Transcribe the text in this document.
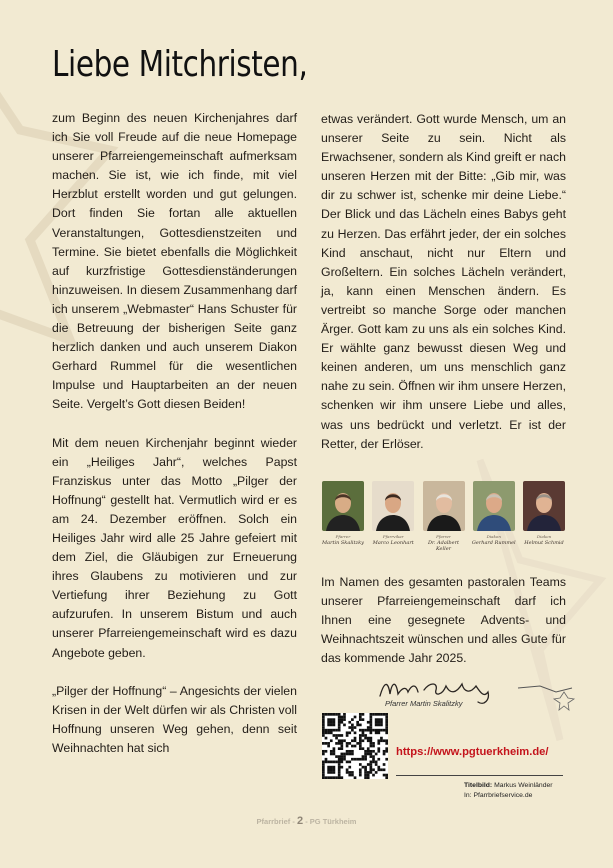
Liebe Mitchristen,

zum Beginn des neuen Kirchenjahres darf ich Sie voll Freude auf die neue Homepage unserer Pfarreiengemeinschaft aufmerksam machen. Sie ist, wie ich finde, mit viel Herzblut erstellt worden und gut gelungen. Dort finden Sie fortan alle aktuellen Veranstaltungen, Gottesdienstzeiten und Termine. Sie bietet ebenfalls die Möglichkeit auf kurzfristige Gottesdienständerungen hinzuweisen. In diesem Zusammenhang darf ich unserem „Webmaster“ Hans Schuster für die Betreuung der bisherigen Seite ganz herzlich danken und auch unserem Diakon Gerhard Rummel für die wesentlichen Impulse und Hauptarbeiten an der neuen Seite. Vergelt’s Gott diesen Beiden!

Mit dem neuen Kirchenjahr beginnt wieder ein „Heiliges Jahr“, welches Papst Franziskus unter das Motto „Pilger der Hoffnung“ gestellt hat. Vermutlich wird er es am 24. Dezember eröffnen. Solch ein Heiliges Jahr wird alle 25 Jahre gefeiert mit dem Ziel, die Gläubigen zur Erneuerung ihres Glaubens zu motivieren und zur Vertiefung ihrer Beziehung zu Gott aufzurufen. In unserem Bistum und auch unserer Pfarreiengemeinschaft wird es dazu Angebote geben.

„Pilger der Hoffnung“ – Angesichts der vielen Krisen in der Welt dürfen wir als Christen voll Hoffnung unseren Weg gehen, denn seit Weihnachten hat sich

etwas verändert. Gott wurde Mensch, um an unserer Seite zu sein. Nicht als Erwachsener, sondern als Kind greift er nach unseren Herzen mit der Bitte: „Gib mir, was dir zu schwer ist, schenke mir deine Liebe.“ Der Blick und das Lächeln eines Babys geht zu Herzen. Das erfährt jeder, der ein solches Kind anschaut, nicht nur Eltern und Großeltern. Ein solches Lächeln verändert, ja, kann einen Menschen ändern. Es vertreibt so manche Sorge oder manchen Ärger. Gott kam zu uns als ein solches Kind. Er wählte ganz bewusst diesen Weg und keinen anderen, um uns menschlich ganz nahe zu sein. Öffnen wir ihm unsere Herzen, schenken wir ihm unsere Liebe und alles, was uns bedrückt und verletzt. Er ist der Retter, der Erlöser.

Pfarrer
Martin Skalitzky
Pfarrvikar
Marco Leonhart
Pfarrer
Dr. Adalbert Keller
Diakon
Gerhard Rummel
Diakon
Helmut Schmid

Im Namen des gesamten pastoralen Teams unserer Pfarreiengemeinschaft darf ich Ihnen eine gesegnete Advents- und Weihnachtszeit wünschen und alles Gute für das kommende Jahr 2025.

Pfarrer Martin Skalitzky
https://www.pgtuerkheim.de/
Titelbild: Markus Weinländer
In: Pfarrbriefservice.de
Pfarrbrief - 2 - PG Türkheim
